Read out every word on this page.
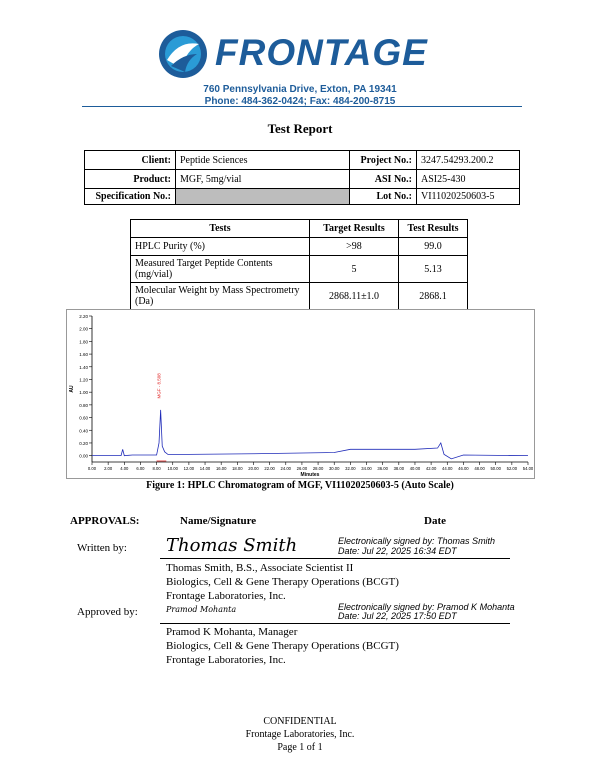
FRONTAGE
760 Pennsylvania Drive, Exton, PA 19341
Phone: 484-362-0424; Fax: 484-200-8715
Test Report
Client:	Peptide Sciences	Project No.:	3247.54293.200.2
Product:	MGF, 5mg/vial	ASI No.:	ASI25-430
Specification No.:		Lot No.:	VI11020250603-5
Tests	Target Results	Test Results
HPLC Purity (%)	>98	99.0
Measured Target Peptide Contents (mg/vial)	5	5.13
Molecular Weight by Mass Spectrometry (Da)	2868.11±1.0	2868.1
0.00
0.20
0.40
0.60
0.80
1.00
1.20
1.40
1.60
1.80
2.00
2.20
0.00 2.00 4.00 6.00 8.00 10.00 12.00 14.00 16.00 18.00 20.00 22.00 24.00 26.00 28.00 30.00 32.00 34.00 36.00 38.00 40.00 42.00 44.00 46.00 48.00 50.00 52.00 54.00
Minutes
AU	MGF - 8.508
Figure 1: HPLC Chromatogram of MGF, VI11020250603-5 (Auto Scale)
APPROVALS:	Name/Signature	Date
Written by: Thomas Smith	Electronically signed by: Thomas Smith
Date: Jul 22, 2025 16:34 EDT
Thomas Smith, B.S., Associate Scientist II
Biologics, Cell & Gene Therapy Operations (BCGT)
Frontage Laboratories, Inc.
Approved by:	Pramod Mohanta	Electronically signed by: Pramod K Mohanta
Date: Jul 22, 2025 17:50 EDT
Pramod K Mohanta, Manager
Biologics, Cell & Gene Therapy Operations (BCGT)
Frontage Laboratories, Inc.
CONFIDENTIAL
Frontage Laboratories, Inc.
Page 1 of 1
